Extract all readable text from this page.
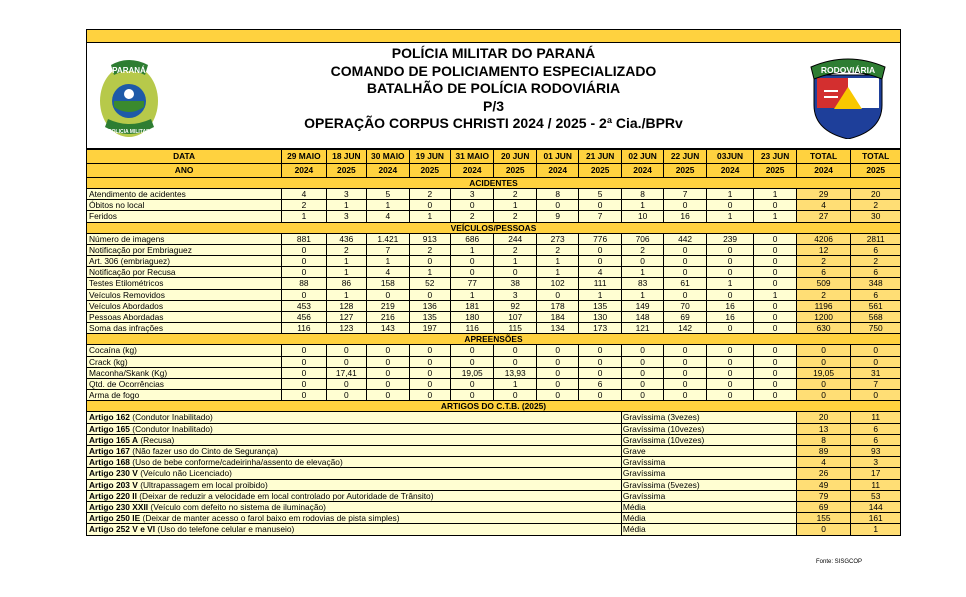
PARANÁ
POLICIA MILITAR
POLÍCIA MILITAR DO PARANÁ
COMANDO DE POLICIAMENTO ESPECIALIZADO
BATALHÃO DE POLÍCIA RODOVIÁRIA
P/3
OPERAÇÃO CORPUS CHRISTI 2024 / 2025 - 2ª Cia./BPRv
RODOVIÁRIA
DATA	29 MAIO	18 JUN	30 MAIO	19 JUN	31 MAIO	20 JUN	01 JUN	21 JUN	02 JUN	22 JUN	03JUN	23 JUN	TOTAL	TOTAL
ANO	2024	2025	2024	2025	2024	2025	2024	2025	2024	2025	2024	2025	2024	2025
ACIDENTES														
Atendimento de acidentes	4	3	5	2	3	2	8	5	8	7	1	1	29	20
Óbitos no local	2	1	1	0	0	1	0	0	1	0	0	0	4	2
Feridos	1	3	4	1	2	2	9	7	10	16	1	1	27	30
VEÍCULOS/PESSOAS														
Número de imagens	881	436	1.421	913	686	244	273	776	706	442	239	0	4206	2811
Notificação por Embriaguez	0	2	7	2	1	2	2	0	2	0	0	0	12	6
Art. 306 (embriaguez)	0	1	1	0	0	1	1	0	0	0	0	0	2	2
Notificação por Recusa	0	1	4	1	0	0	1	4	1	0	0	0	6	6
Testes Etilométricos	88	86	158	52	77	38	102	111	83	61	1	0	509	348
Veículos Removidos	0	1	0	0	1	3	0	1	1	0	0	1	2	6
Veículos Abordados	453	128	219	136	181	92	178	135	149	70	16	0	1196	561
Pessoas Abordadas	456	127	216	135	180	107	184	130	148	69	16	0	1200	568
Soma das infrações	116	123	143	197	116	115	134	173	121	142	0	0	630	750
APREENSÕES														
Cocaína (kg)	0	0	0	0	0	0	0	0	0	0	0	0	0	0
Crack (kg)	0	0	0	0	0	0	0	0	0	0	0	0	0	0
Maconha/Skank (Kg)	0	17,41	0	0	19,05	13,93	0	0	0	0	0	0	19,05	31
Qtd. de Ocorrências	0	0	0	0	0	1	0	6	0	0	0	0	0	7
Arma de fogo	0	0	0	0	0	0	0	0	0	0	0	0	0	0
ARTIGOS DO C.T.B. (2025)														
Artigo 162 (Condutor Inabilitado)									Gravíssima (3vezes)				20	11
Artigo 165 (Condutor Inabilitado)									Gravíssima (10vezes)				13	6
Artigo 165 A (Recusa)									Gravíssima (10vezes)				8	6
Artigo 167 (Não fazer uso do Cinto de Segurança)									Grave				89	93
Artigo 168 (Uso de bebe conforme/cadeirinha/assento de elevação)									Gravíssima				4	3
Artigo 230 V (Veículo não Licenciado)									Gravíssima				26	17
Artigo 203 V (Ultrapassagem em local proibido)									Gravíssima (5vezes)				49	11
Artigo 220 II (Deixar de reduzir a velocidade em local controlado por Autoridade de Trânsito)									Gravíssima				79	53
Artigo 230 XXII (Veículo com defeito no sistema de iluminação)									Média				69	144
Artigo 250 IE (Deixar de manter acesso o farol baixo em rodovias de pista simples)									Média				155	161
Artigo 252 V e VI (Uso do telefone celular e manuseio)									Média				0	1
Fonte: SISGCOP
